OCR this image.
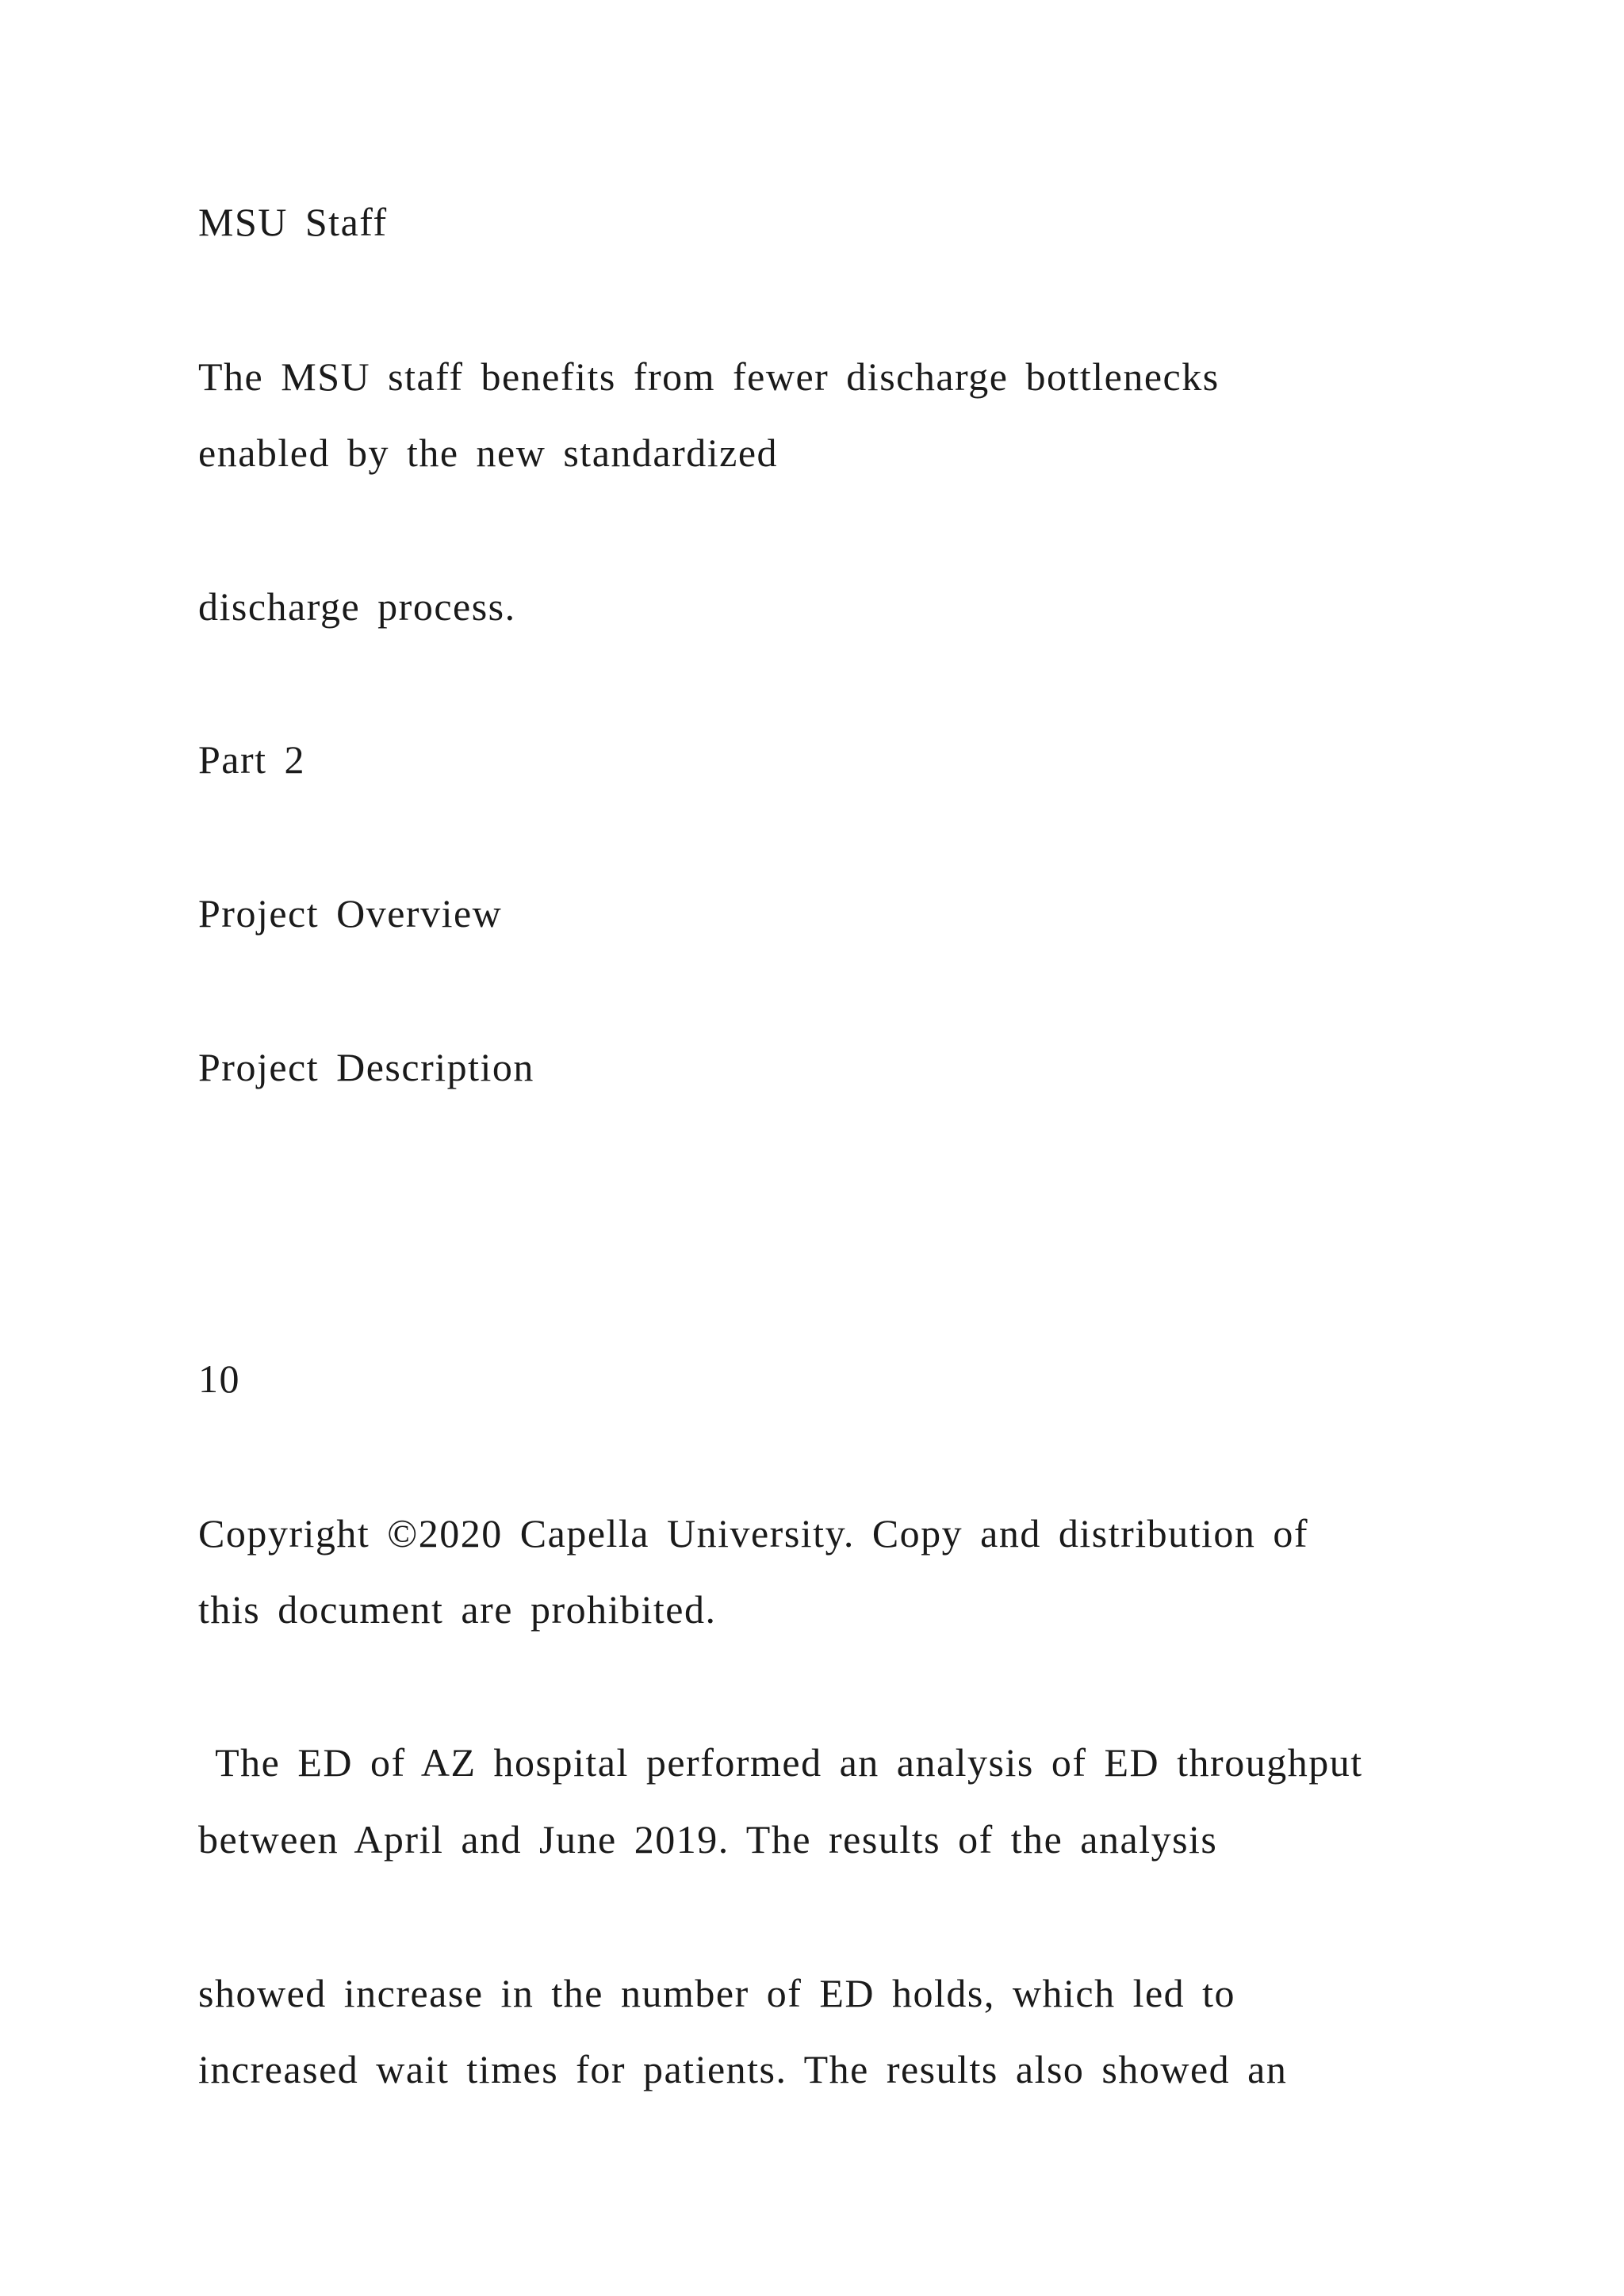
MSU Staff
The MSU staff benefits from fewer discharge bottlenecks
enabled by the new standardized
discharge process.
Part 2
Project Overview
Project Description
10
Copyright ©2020 Capella University. Copy and distribution of
this document are prohibited.
The ED of AZ hospital performed an analysis of ED throughput
between April and June 2019. The results of the analysis
showed increase in the number of ED holds, which led to
increased wait times for patients. The results also showed an
